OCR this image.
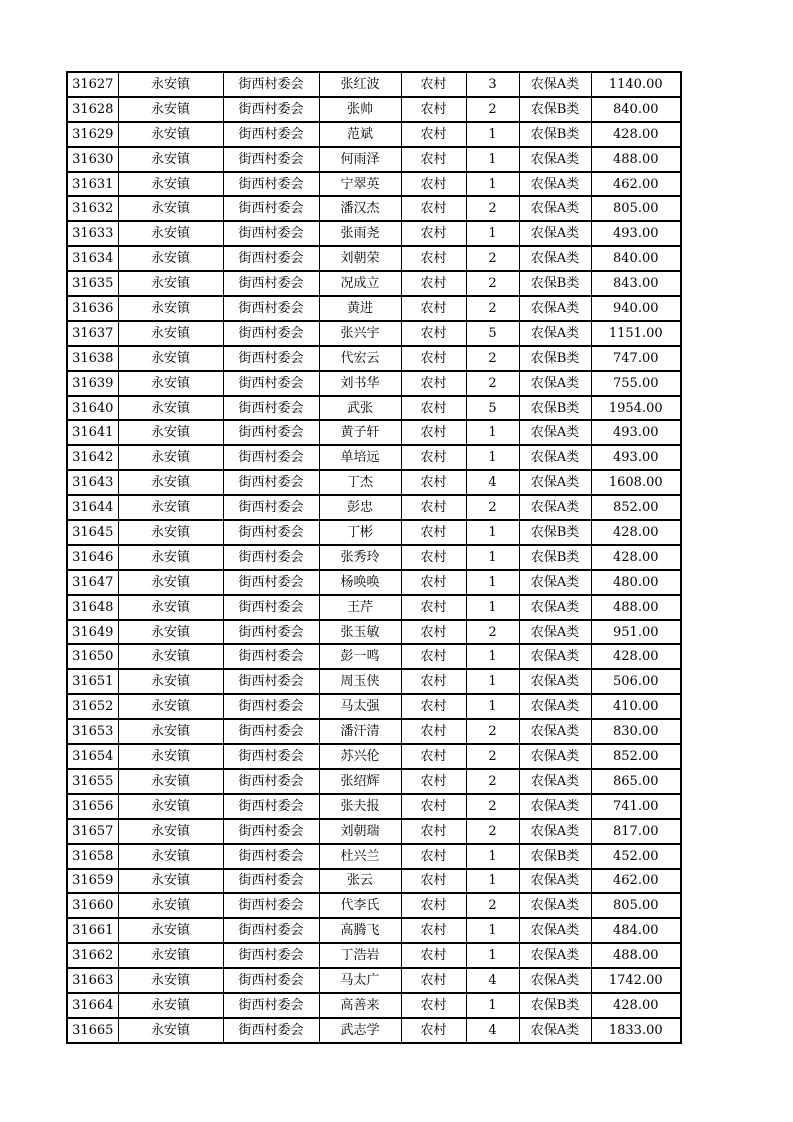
31627	永安镇	街西村委会	张红波	农村	3	农保A类	1140.00
31628	永安镇	街西村委会	张帅	农村	2	农保B类	840.00
31629	永安镇	街西村委会	范斌	农村	1	农保B类	428.00
31630	永安镇	街西村委会	何雨泽	农村	1	农保A类	488.00
31631	永安镇	街西村委会	宁翠英	农村	1	农保A类	462.00
31632	永安镇	街西村委会	潘汉杰	农村	2	农保A类	805.00
31633	永安镇	街西村委会	张雨尧	农村	1	农保A类	493.00
31634	永安镇	街西村委会	刘朝荣	农村	2	农保A类	840.00
31635	永安镇	街西村委会	况成立	农村	2	农保B类	843.00
31636	永安镇	街西村委会	黄进	农村	2	农保A类	940.00
31637	永安镇	街西村委会	张兴宇	农村	5	农保A类	1151.00
31638	永安镇	街西村委会	代宏云	农村	2	农保B类	747.00
31639	永安镇	街西村委会	刘书华	农村	2	农保A类	755.00
31640	永安镇	街西村委会	武张	农村	5	农保B类	1954.00
31641	永安镇	街西村委会	黄子轩	农村	1	农保A类	493.00
31642	永安镇	街西村委会	单培远	农村	1	农保A类	493.00
31643	永安镇	街西村委会	丁杰	农村	4	农保A类	1608.00
31644	永安镇	街西村委会	彭忠	农村	2	农保A类	852.00
31645	永安镇	街西村委会	丁彬	农村	1	农保B类	428.00
31646	永安镇	街西村委会	张秀玲	农村	1	农保B类	428.00
31647	永安镇	街西村委会	杨唤唤	农村	1	农保A类	480.00
31648	永安镇	街西村委会	王芹	农村	1	农保A类	488.00
31649	永安镇	街西村委会	张玉敏	农村	2	农保A类	951.00
31650	永安镇	街西村委会	彭一鸣	农村	1	农保A类	428.00
31651	永安镇	街西村委会	周玉侠	农村	1	农保A类	506.00
31652	永安镇	街西村委会	马太强	农村	1	农保A类	410.00
31653	永安镇	街西村委会	潘汗清	农村	2	农保A类	830.00
31654	永安镇	街西村委会	苏兴伦	农村	2	农保A类	852.00
31655	永安镇	街西村委会	张绍辉	农村	2	农保A类	865.00
31656	永安镇	街西村委会	张夫报	农村	2	农保A类	741.00
31657	永安镇	街西村委会	刘朝瑞	农村	2	农保A类	817.00
31658	永安镇	街西村委会	杜兴兰	农村	1	农保B类	452.00
31659	永安镇	街西村委会	张云	农村	1	农保A类	462.00
31660	永安镇	街西村委会	代李氏	农村	2	农保A类	805.00
31661	永安镇	街西村委会	高腾飞	农村	1	农保A类	484.00
31662	永安镇	街西村委会	丁浩岩	农村	1	农保A类	488.00
31663	永安镇	街西村委会	马太广	农村	4	农保A类	1742.00
31664	永安镇	街西村委会	高善来	农村	1	农保B类	428.00
31665	永安镇	街西村委会	武志学	农村	4	农保A类	1833.00
